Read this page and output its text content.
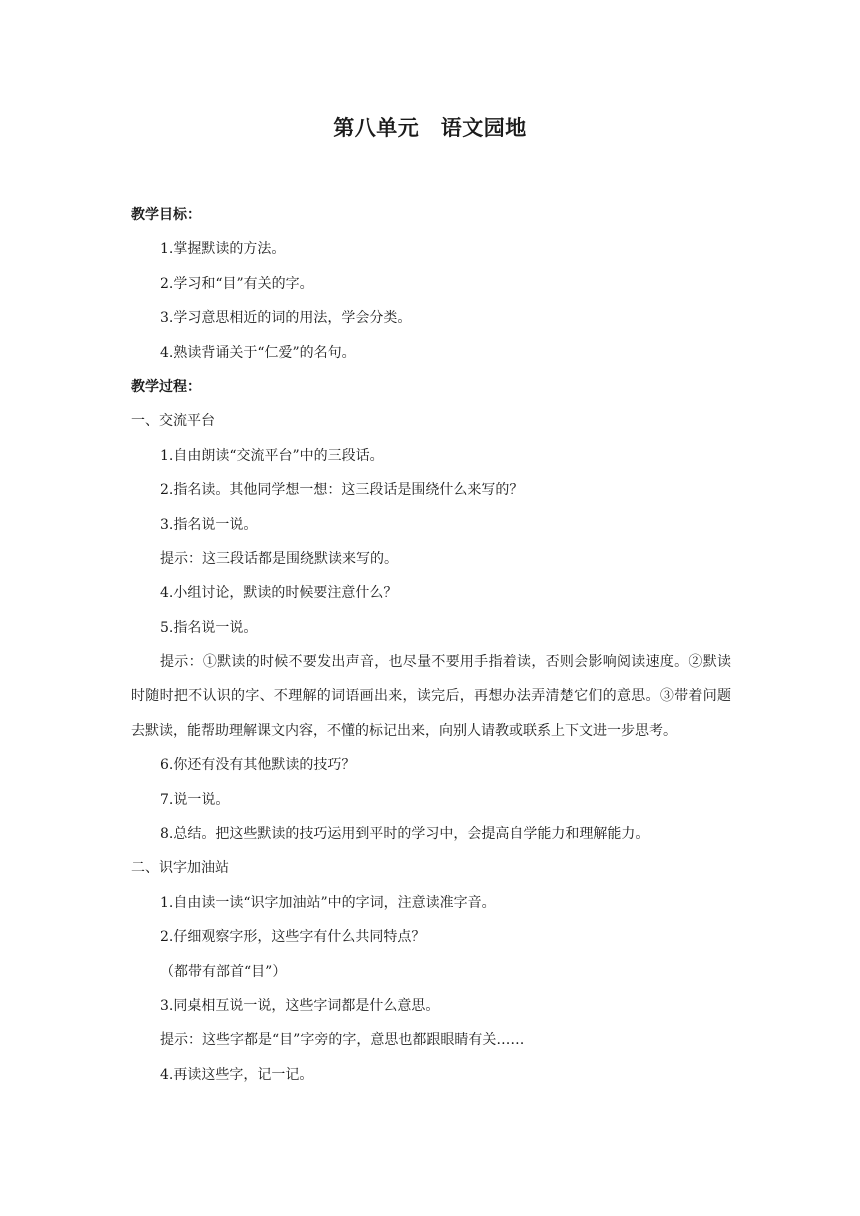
第八单元　语文园地
教学目标：
1.掌握默读的方法。
2.学习和“目”有关的字。
3.学习意思相近的词的用法，学会分类。
4.熟读背诵关于“仁爱”的名句。
教学过程：
一、交流平台
1.自由朗读“交流平台”中的三段话。
2.指名读。其他同学想一想：这三段话是围绕什么来写的？
3.指名说一说。
提示：这三段话都是围绕默读来写的。
4.小组讨论，默读的时候要注意什么？
5.指名说一说。
提示：①默读的时候不要发出声音，也尽量不要用手指着读，否则会影响阅读速度。②默读时随时把不认识的字、不理解的词语画出来，读完后，再想办法弄清楚它们的意思。③带着问题去默读，能帮助理解课文内容，不懂的标记出来，向别人请教或联系上下文进一步思考。
6.你还有没有其他默读的技巧？
7.说一说。
8.总结。把这些默读的技巧运用到平时的学习中，会提高自学能力和理解能力。
二、识字加油站
1.自由读一读“识字加油站”中的字词，注意读准字音。
2.仔细观察字形，这些字有什么共同特点？
（都带有部首“目”）
3.同桌相互说一说，这些字词都是什么意思。
提示：这些字都是“目”字旁的字，意思也都跟眼睛有关……
4.再读这些字，记一记。
